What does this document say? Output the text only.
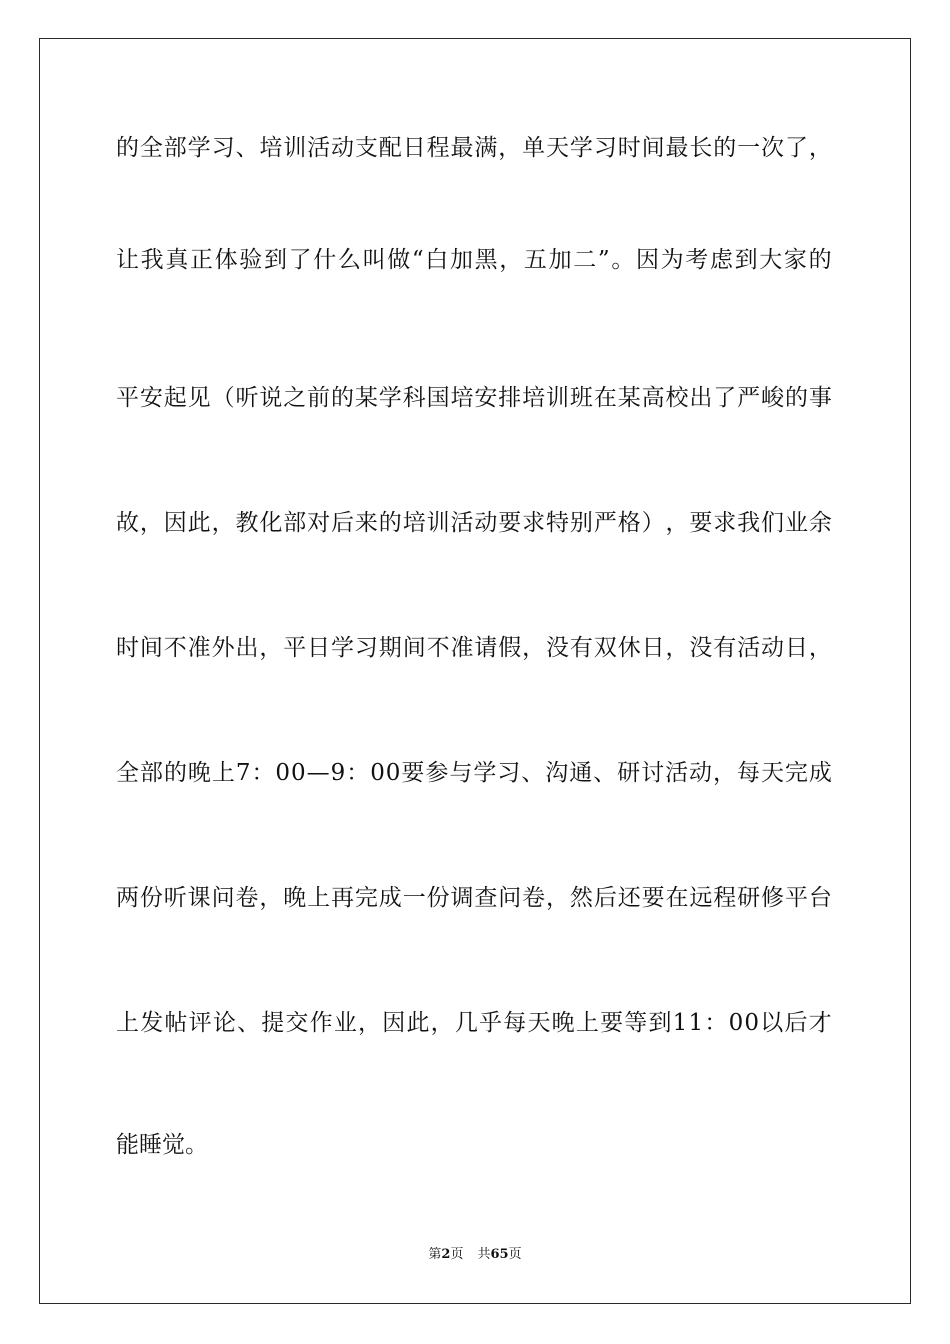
的 全 部 学 习 、 培 训 活 动 支 配 日 程 最 满 ， 单 天 学 习 时 间 最 长 的 一 次 了 ，
让 我 真 正 体 验 到 了 什 么 叫 做 “ 白 加 黑 ， 五 加 二 ” 。 因 为 考 虑 到 大 家 的
平 安 起 见 （ 听 说 之 前 的 某 学 科 国 培 安 排 培 训 班 在 某 高 校 出 了 严 峻 的 事
故 ， 因 此 ， 教 化 部 对 后 来 的 培 训 活 动 要 求 特 别 严 格 ） ， 要 求 我 们 业 余
时 间 不 准 外 出 ， 平 日 学 习 期 间 不 准 请 假 ， 没 有 双 休 日 ， 没 有 活 动 日 ，
全 部 的 晚 上 7 ： 0 0 — 9 ： 0 0 要 参 与 学 习 、 沟 通 、 研 讨 活 动 ， 每 天 完 成
两 份 听 课 问 卷 ， 晚 上 再 完 成 一 份 调 查 问 卷 ， 然 后 还 要 在 远 程 研 修 平 台
上 发 帖 评 论 、 提 交 作 业 ， 因 此 ， 几 乎 每 天 晚 上 要 等 到 1 1 ： 0 0 以 后 才
能睡觉。
第2页 共65页
